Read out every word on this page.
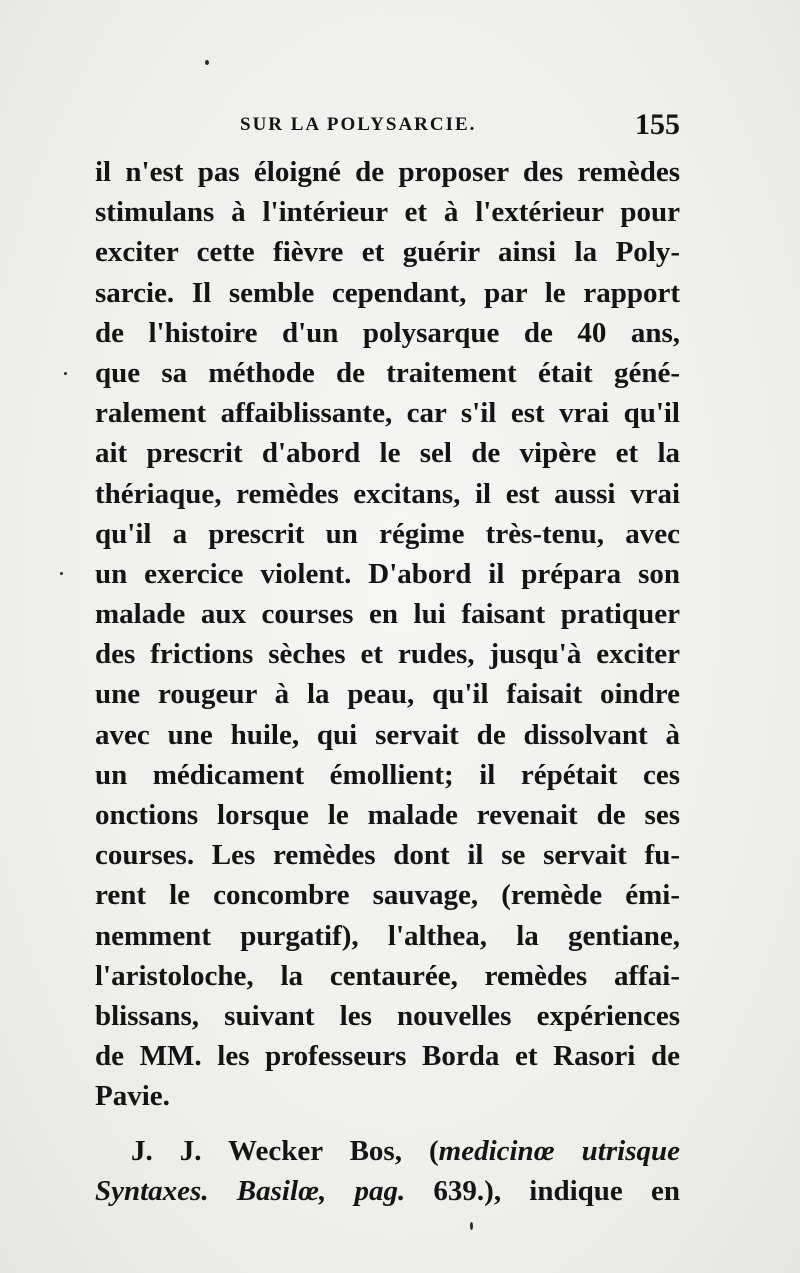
SUR LA POLYSARCIE.	155
il n'est pas éloigné de proposer des remèdes
stimulans à l'intérieur et à l'extérieur pour
exciter cette fièvre et guérir ainsi la Poly-
sarcie. Il semble cependant, par le rapport
de l'histoire d'un polysarque de 40 ans,
que sa méthode de traitement était géné-
ralement affaiblissante, car s'il est vrai qu'il
ait prescrit d'abord le sel de vipère et la
thériaque, remèdes excitans, il est aussi vrai
qu'il a prescrit un régime très-tenu, avec
un exercice violent. D'abord il prépara son
malade aux courses en lui faisant pratiquer
des frictions sèches et rudes, jusqu'à exciter
une rougeur à la peau, qu'il faisait oindre
avec une huile, qui servait de dissolvant à
un médicament émollient; il répétait ces
onctions lorsque le malade revenait de ses
courses. Les remèdes dont il se servait fu-
rent le concombre sauvage, (remède émi-
nemment purgatif), l'althea, la gentiane,
l'aristoloche, la centaurée, remèdes affai-
blissans, suivant les nouvelles expériences
de MM. les professeurs Borda et Rasori de
Pavie.
J. J. Wecker Bos, (medicinœ utrisque
Syntaxes. Basilœ, pag. 639.), indique en
